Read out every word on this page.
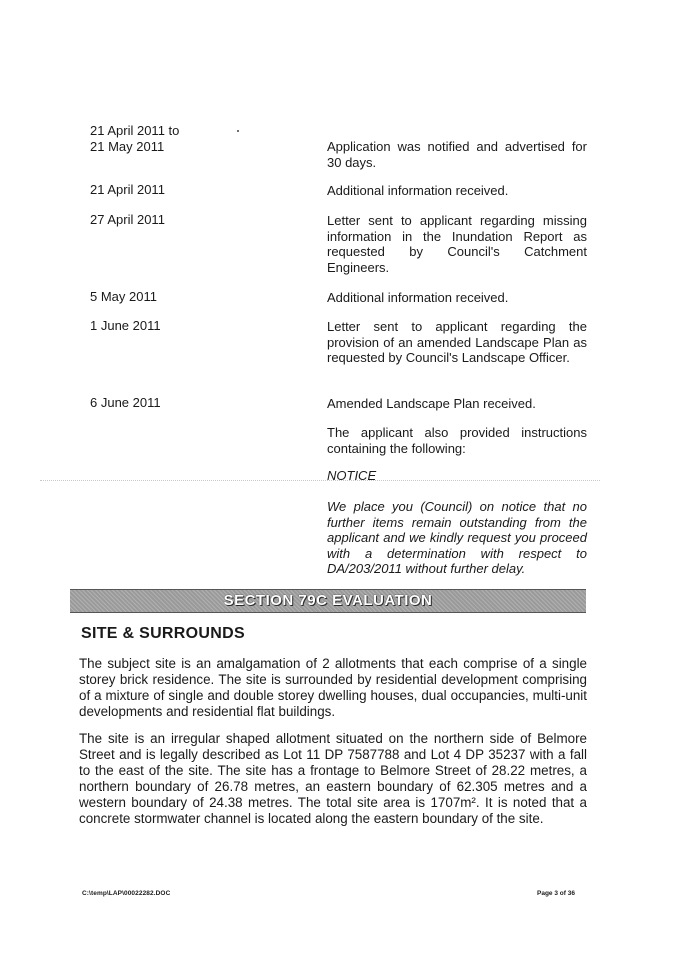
21 April 2011 to
21 May 2011	Application was notified and advertised for 30 days.
21 April 2011	Additional information received.
27 April 2011	Letter sent to applicant regarding missing information in the Inundation Report as requested by Council's Catchment Engineers.
5 May 2011	Additional information received.
1 June 2011	Letter sent to applicant regarding the provision of an amended Landscape Plan as requested by Council's Landscape Officer.
6 June 2011	Amended Landscape Plan received.
The applicant also provided instructions containing the following:
NOTICE
We place you (Council) on notice that no further items remain outstanding from the applicant and we kindly request you proceed with a determination with respect to DA/203/2011 without further delay.
SECTION 79C EVALUATION
SITE & SURROUNDS
The subject site is an amalgamation of 2 allotments that each comprise of a single storey brick residence. The site is surrounded by residential development comprising of a mixture of single and double storey dwelling houses, dual occupancies, multi-unit developments and residential flat buildings.
The site is an irregular shaped allotment situated on the northern side of Belmore Street and is legally described as Lot 11 DP 7587788 and Lot 4 DP 35237 with a fall to the east of the site. The site has a frontage to Belmore Street of 28.22 metres, a northern boundary of 26.78 metres, an eastern boundary of 62.305 metres and a western boundary of 24.38 metres. The total site area is 1707m². It is noted that a concrete stormwater channel is located along the eastern boundary of the site.
C:\temp\LAP\00022282.DOC	Page 3 of 36
